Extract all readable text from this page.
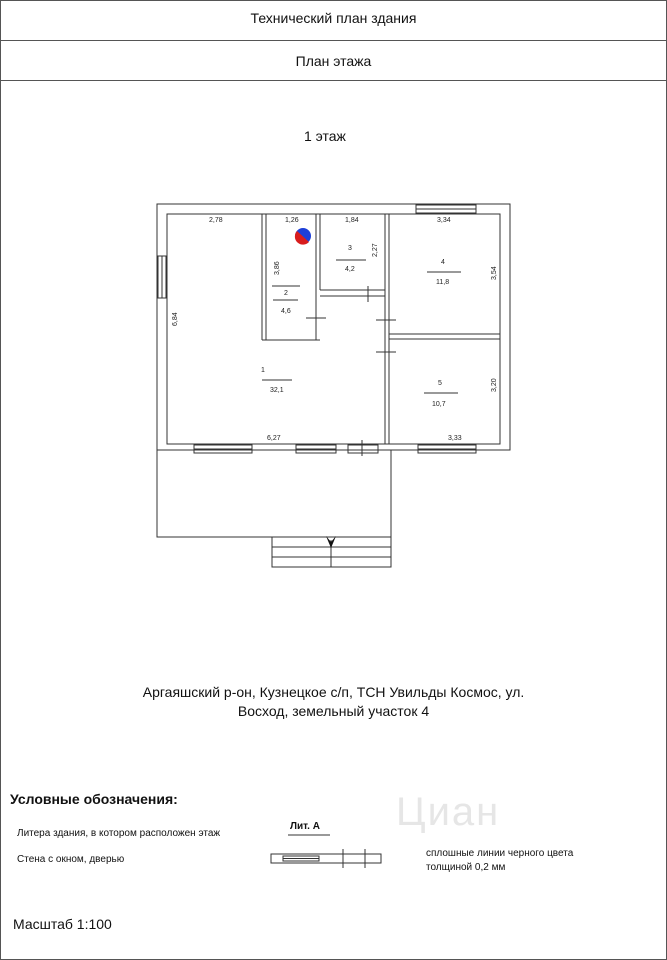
Технический план здания
План этажа
1 этаж
Циан
2,78	1,26	1,84	3,34
3,86
2,27
3,54
6,84
3,20
6,27	3,33
1
32,1
2
4,6
3
4,2
4
11,8
5
10,7
Аргаяшский р-он, Кузнецкое с/п, ТСН Увильды Космос, ул.
Восход, земельный участок 4
Условные обозначения:
Литера здания, в котором расположен этаж
Лит. А
Стена с окном, дверью
сплошные линии черного цвета
толщиной 0,2 мм
Масштаб 1:100
